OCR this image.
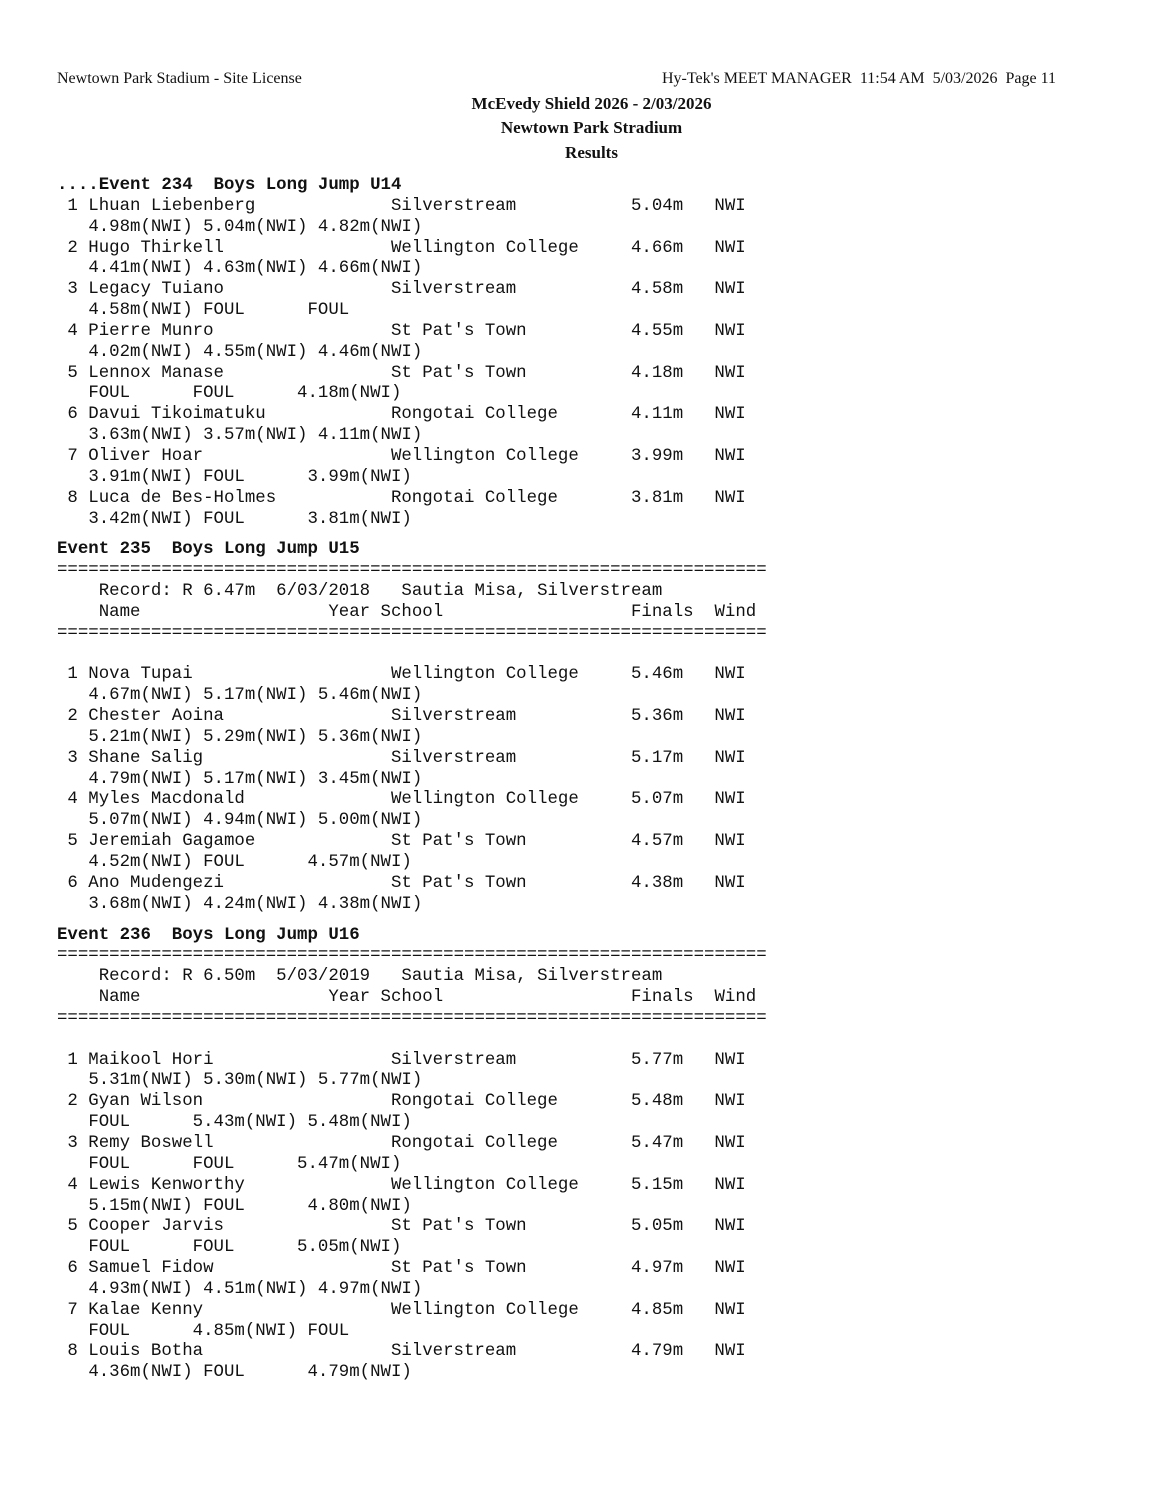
Newtown Park Stadium - Site License	Hy-Tek's MEET MANAGER  11:54 AM  5/03/2026  Page 11
McEvedy Shield 2026 - 2/03/2026
Newtown Park Stradium
Results
....Event 234  Boys Long Jump U14
1 Lhuan Liebenberg	Silverstream	5.04m NWI
4.98m(NWI) 5.04m(NWI) 4.82m(NWI)
2 Hugo Thirkell	Wellington College	4.66m NWI
4.41m(NWI) 4.63m(NWI) 4.66m(NWI)
3 Legacy Tuiano	Silverstream	4.58m NWI
4.58m(NWI) FOUL      FOUL
4 Pierre Munro	St Pat's Town	4.55m NWI
4.02m(NWI) 4.55m(NWI) 4.46m(NWI)
5 Lennox Manase	St Pat's Town	4.18m NWI
FOUL      FOUL      4.18m(NWI)
6 Davui Tikoimatuku	Rongotai College	4.11m NWI
3.63m(NWI) 3.57m(NWI) 4.11m(NWI)
7 Oliver Hoar	Wellington College	3.99m NWI
3.91m(NWI) FOUL      3.99m(NWI)
8 Luca de Bes-Holmes	Rongotai College	3.81m NWI
3.42m(NWI) FOUL      3.81m(NWI)
Event 235  Boys Long Jump U15
====================================================================
Record: R 6.47m  6/03/2018   Sautia Misa, Silverstream
Name	Year School	Finals Wind
====================================================================
1 Nova Tupai	Wellington College	5.46m NWI
4.67m(NWI) 5.17m(NWI) 5.46m(NWI)
2 Chester Aoina	Silverstream	5.36m NWI
5.21m(NWI) 5.29m(NWI) 5.36m(NWI)
3 Shane Salig	Silverstream	5.17m NWI
4.79m(NWI) 5.17m(NWI) 3.45m(NWI)
4 Myles Macdonald	Wellington College	5.07m NWI
5.07m(NWI) 4.94m(NWI) 5.00m(NWI)
5 Jeremiah Gagamoe	St Pat's Town	4.57m NWI
4.52m(NWI) FOUL      4.57m(NWI)
6 Ano Mudengezi	St Pat's Town	4.38m NWI
3.68m(NWI) 4.24m(NWI) 4.38m(NWI)
Event 236  Boys Long Jump U16
====================================================================
Record: R 6.50m  5/03/2019   Sautia Misa, Silverstream
Name	Year School	Finals Wind
====================================================================
1 Maikool Hori	Silverstream	5.77m NWI
5.31m(NWI) 5.30m(NWI) 5.77m(NWI)
2 Gyan Wilson	Rongotai College	5.48m NWI
FOUL      5.43m(NWI) 5.48m(NWI)
3 Remy Boswell	Rongotai College	5.47m NWI
FOUL      FOUL      5.47m(NWI)
4 Lewis Kenworthy	Wellington College	5.15m NWI
5.15m(NWI) FOUL      4.80m(NWI)
5 Cooper Jarvis	St Pat's Town	5.05m NWI
FOUL      FOUL      5.05m(NWI)
6 Samuel Fidow	St Pat's Town	4.97m NWI
4.93m(NWI) 4.51m(NWI) 4.97m(NWI)
7 Kalae Kenny	Wellington College	4.85m NWI
FOUL      4.85m(NWI) FOUL
8 Louis Botha	Silverstream	4.79m NWI
4.36m(NWI) FOUL      4.79m(NWI)
